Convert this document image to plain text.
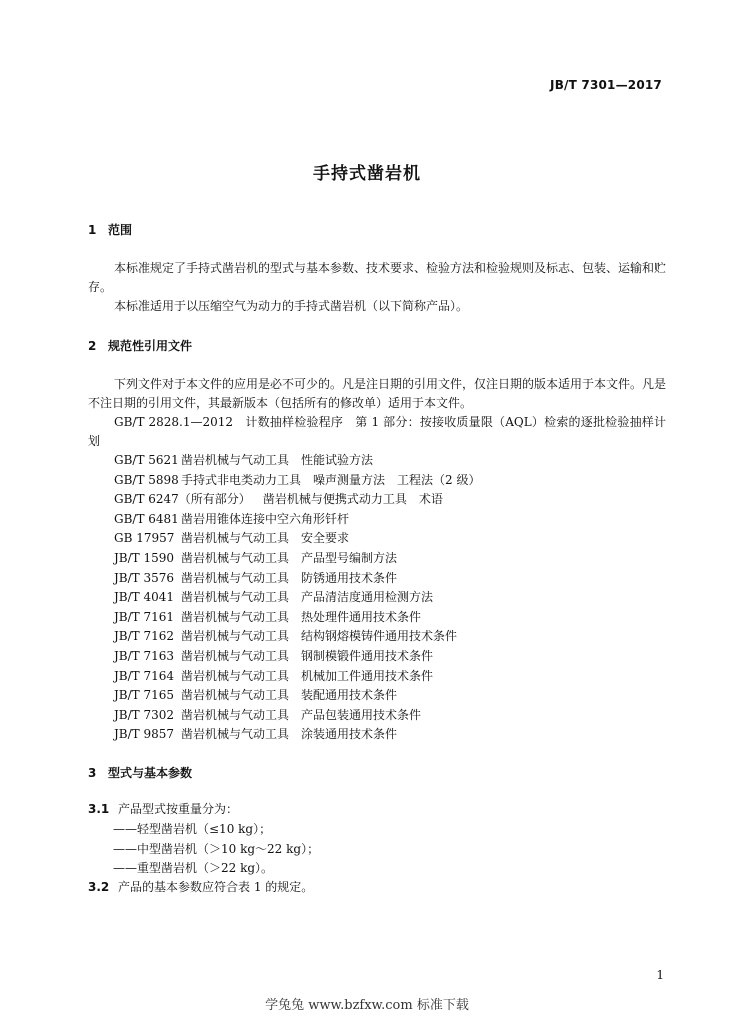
JB/T 7301—2017
手持式凿岩机
1 范围
本标准规定了手持式凿岩机的型式与基本参数、技术要求、检验方法和检验规则及标志、包装、运输和贮存。
本标准适用于以压缩空气为动力的手持式凿岩机（以下简称产品）。
2 规范性引用文件
下列文件对于本文件的应用是必不可少的。凡是注日期的引用文件，仅注日期的版本适用于本文件。凡是不注日期的引用文件，其最新版本（包括所有的修改单）适用于本文件。
GB/T 2828.1—2012　计数抽样检验程序　第 1 部分：按接收质量限（AQL）检索的逐批检验抽样计划
GB/T 5621 凿岩机械与气动工具　性能试验方法
GB/T 5898 手持式非电类动力工具　噪声测量方法　工程法（2 级）
GB/T 6247（所有部分） 凿岩机械与便携式动力工具　术语
GB/T 6481 凿岩用锥体连接中空六角形钎杆
GB 17957 凿岩机械与气动工具　安全要求
JB/T 1590 凿岩机械与气动工具　产品型号编制方法
JB/T 3576 凿岩机械与气动工具　防锈通用技术条件
JB/T 4041 凿岩机械与气动工具　产品清洁度通用检测方法
JB/T 7161 凿岩机械与气动工具　热处理件通用技术条件
JB/T 7162 凿岩机械与气动工具　结构钢熔模铸件通用技术条件
JB/T 7163 凿岩机械与气动工具　钢制模锻件通用技术条件
JB/T 7164 凿岩机械与气动工具　机械加工件通用技术条件
JB/T 7165 凿岩机械与气动工具　装配通用技术条件
JB/T 7302 凿岩机械与气动工具　产品包装通用技术条件
JB/T 9857 凿岩机械与气动工具　涂装通用技术条件
3 型式与基本参数
3.1 产品型式按重量分为：
——轻型凿岩机（≤10 kg）；
——中型凿岩机（＞10 kg～22 kg）；
——重型凿岩机（＞22 kg）。
3.2 产品的基本参数应符合表 1 的规定。
1
学兔兔 www.bzfxw.com 标准下载
